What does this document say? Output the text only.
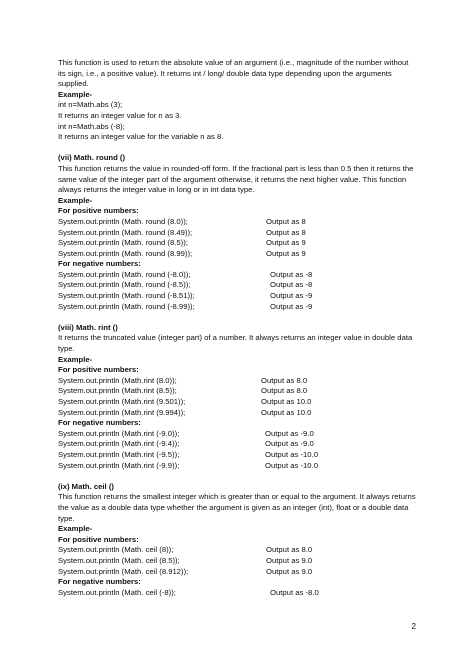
This function is used to return the absolute value of an argument (i.e., magnitude of the number without its sign, i.e., a positive value). It returns int / long/ double data type depending upon the arguments supplied.

Example-

int n=Math.abs (3);

It returns an integer value for n as 3.

int n=Math.abs (-8);

It returns an integer value for the variable n as 8.

(vii) Math. round ()

This function returns the value in rounded-off form. If the fractional part is less than 0.5 then it returns the same value of the integer part of the argument otherwise, it returns the next higher value. This function always returns the integer value in long or in int data type.

Example-

For positive numbers:

System.out.println (Math. round (8.0));	Output as 8
System.out.println (Math. round (8.49));	Output as 8
System.out.println (Math. round (8.5));	Output as 9
System.out.println (Math. round (8.99));	Output as 9

For negative numbers:

System.out.println (Math. round (-8.0));	Output as -8
System.out.println (Math. round (-8.5));	Output as -8
System.out.println (Math. round (-8.51));	Output as -9
System.out.println (Math. round (-8.99));	Output as -9

(viii) Math. rint ()

It returns the truncated value (integer part) of a number. It always returns an integer value in double data type.

Example-

For positive numbers:

System.out.println (Math.rint (8.0));	Output as 8.0
System.out.println (Math.rint (8.5));	Output as 8.0
System.out.println (Math.rint (9.501));	Output as 10.0
System.out.println (Math.rint (9.994));	Output as 10.0

For negative numbers:

System.out.println (Math.rint (-9.0));	Output as -9.0
System.out.println (Math.rint (-9.4));	Output as -9.0
System.out.println (Math.rint (-9.5));	Output as -10.0
System.out.println (Math.rint (-9.9));	Output as -10.0

(ix) Math. ceil ()

This function returns the smallest integer which is greater than or equal to the argument. It always returns the value as a double data type whether the argument is given as an integer (int), float or a double data type.

Example-

For positive numbers:

System.out.println (Math. ceil (8));	Output as 8.0
System.out.println (Math. ceil (8.5));	Output as 9.0
System.out.println (Math. ceil (8.912));	Output as 9.0

For negative numbers:

System.out.println (Math. ceil (-8));	Output as -8.0
2
